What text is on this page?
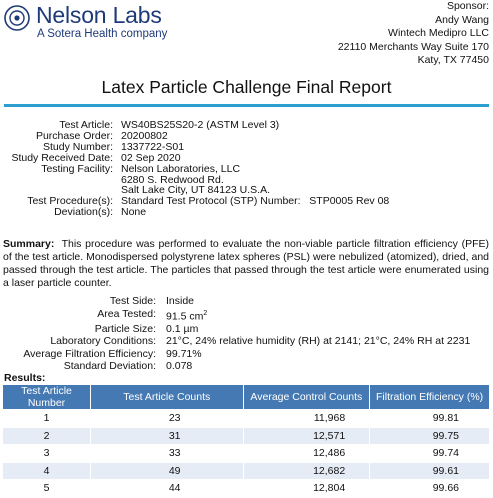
Nelson Labs
A Sotera Health company
Sponsor:
Andy Wang
Wintech Medipro LLC
22110 Merchants Way Suite 170
Katy, TX 77450
Latex Particle Challenge Final Report
Test Article: WS40BS25S20-2 (ASTM Level 3)
Purchase Order: 20200802
Study Number: 1337722-S01
Study Received Date: 02 Sep 2020
Testing Facility: Nelson Laboratories, LLC
6280 S. Redwood Rd.
Salt Lake City, UT 84123 U.S.A.
Test Procedure(s): Standard Test Protocol (STP) Number:   STP0005 Rev 08
Deviation(s): None
Summary: This procedure was performed to evaluate the non-viable particle filtration efficiency (PFE) of the test article. Monodispersed polystyrene latex spheres (PSL) were nebulized (atomized), dried, and passed through the test article. The particles that passed through the test article were enumerated using a laser particle counter.
Test Side: Inside
Area Tested: 91.5 $cm^2$
Particle Size: 0.1 µm
Laboratory Conditions: 21°C, 24% relative humidity (RH) at 2141; 21°C, 24% RH at 2231
Average Filtration Efficiency: 99.71%
Standard Deviation: 0.078
Results:
Test Article Number	Test Article Counts	Average Control Counts	Filtration Efficiency (%)
1	23	11,968	99.81
2	31	12,571	99.75
3	33	12,486	99.74
4	49	12,682	99.61
5	44	12,804	99.66
